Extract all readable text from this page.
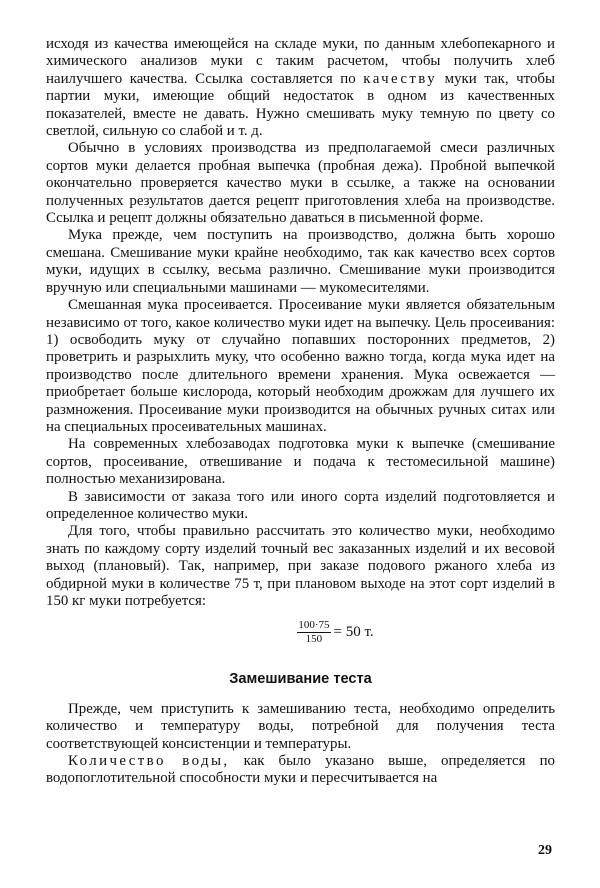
исходя из качества имеющейся на складе муки, по данным хлебопекарного и химического анализов муки с таким расчетом, чтобы получить хлеб наилучшего качества. Ссылка составляется по качеству муки так, чтобы партии муки, имеющие общий недостаток в одном из качественных показателей, вместе не давать. Нужно смешивать муку темную по цвету со светлой, сильную со слабой и т. д.

Обычно в условиях производства из предполагаемой смеси различных сортов муки делается пробная выпечка (пробная дежа). Пробной выпечкой окончательно проверяется качество муки в ссылке, а также на основании полученных результатов дается рецепт приготовления хлеба на производстве. Ссылка и рецепт должны обязательно даваться в письменной форме.

Мука прежде, чем поступить на производство, должна быть хорошо смешана. Смешивание муки крайне необходимо, так как качество всех сортов муки, идущих в ссылку, весьма различно. Смешивание муки производится вручную или специальными машинами — мукомесителями.

Смешанная мука просеивается. Просеивание муки является обязательным независимо от того, какое количество муки идет на выпечку. Цель просеивания: 1) освободить муку от случайно попавших посторонних предметов, 2) проветрить и разрыхлить муку, что особенно важно тогда, когда мука идет на производство после длительного времени хранения. Мука освежается — приобретает больше кислорода, который необходим дрожжам для лучшего их размножения. Просеивание муки производится на обычных ручных ситах или на специальных просеивательных машинах.

На современных хлебозаводах подготовка муки к выпечке (смешивание сортов, просеивание, отвешивание и подача к тестомесильной машине) полностью механизирована.

В зависимости от заказа того или иного сорта изделий подготовляется и определенное количество муки.

Для того, чтобы правильно рассчитать это количество муки, необходимо знать по каждому сорту изделий точный вес заказанных изделий и их весовой выход (плановый). Так, например, при заказе подового ржаного хлеба из обдирной муки в количестве 75 т, при плановом выходе на этот сорт изделий в 150 кг муки потребуется:

$\frac{100\cdot 75}{150} = 50$ т.
Замешивание теста

Прежде, чем приступить к замешиванию теста, необходимо определить количество и температуру воды, потребной для получения теста соответствующей консистенции и температуры.

Количество воды, как было указано выше, определяется по водопоглотительной способности муки и пересчитывается на

29
